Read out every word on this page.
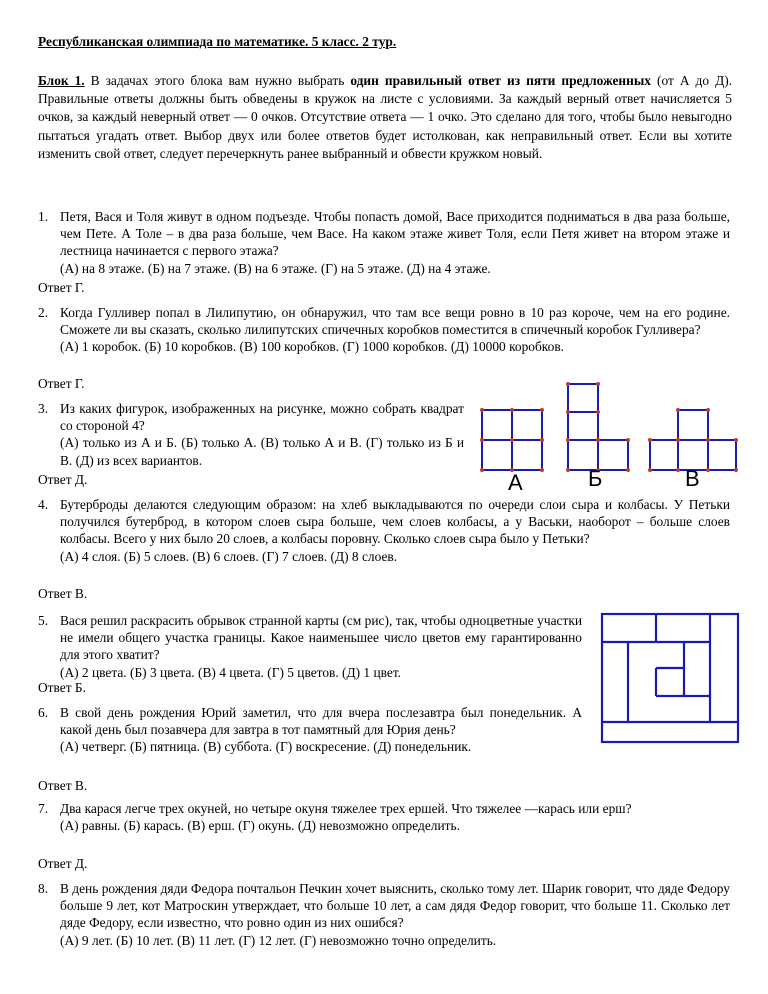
Республиканская олимпиада по математике. 5 класс. 2 тур.
Блок 1. В задачах этого блока вам нужно выбрать один правильный ответ из пяти предложенных (от А до Д). Правильные ответы должны быть обведены в кружок на листе с условиями. За каждый верный ответ начисляется 5 очков, за каждый неверный ответ — 0 очков. Отсутствие ответа — 1 очко. Это сделано для того, чтобы было невыгодно пытаться угадать ответ. Выбор двух или более ответов будет истолкован, как неправильный ответ. Если вы хотите изменить свой ответ, следует перечеркнуть ранее выбранный и обвести кружком новый.
1. Петя, Вася и Толя живут в одном подъезде. Чтобы попасть домой, Васе приходится подниматься в два раза больше, чем Пете. А Толе – в два раза больше, чем Васе. На каком этаже живет Толя, если Петя живет на втором этаже и лестница начинается с первого этажа?
(А) на 8 этаже. (Б) на 7 этаже. (В) на 6 этаже. (Г) на 5 этаже. (Д) на 4 этаже.
Ответ Г.
2. Когда Гулливер попал в Лилипутию, он обнаружил, что там все вещи ровно в 10 раз короче, чем на его родине. Сможете ли вы сказать, сколько лилипутских спичечных коробков поместится в спичечный коробок Гулливера?
(А) 1 коробок. (Б) 10 коробков. (В) 100 коробков. (Г) 1000 коробков. (Д) 10000 коробков.
Ответ Г.
3. Из каких фигурок, изображенных на рисунке, можно собрать квадрат со стороной 4?
(А) только из А и Б. (Б) только А. (В) только А и В. (Г) только из Б и В. (Д) из всех вариантов.
Ответ Д.	А	Б	В
4. Бутерброды делаются следующим образом: на хлеб выкладываются по очереди слои сыра и колбасы. У Петьки получился бутерброд, в котором слоев сыра больше, чем слоев колбасы, а у Васьки, наоборот – больше слоев колбасы. Всего у них было 20 слоев, а колбасы поровну. Сколько слоев сыра было у Петьки?
(А) 4 слоя. (Б) 5 слоев. (В) 6 слоев. (Г) 7 слоев. (Д) 8 слоев.
Ответ В.
5. Вася решил раскрасить обрывок странной карты (см рис), так, чтобы одноцветные участки не имели общего участка границы. Какое наименьшее число цветов ему гарантированно для этого хватит?
(А) 2 цвета. (Б) 3 цвета. (В) 4 цвета. (Г) 5 цветов. (Д) 1 цвет.
Ответ Б.
6. В свой день рождения Юрий заметил, что для вчера послезавтра был понедельник. А какой день был позавчера для завтра в тот памятный для Юрия день?
(А) четверг. (Б) пятница. (В) суббота. (Г) воскресение. (Д) понедельник.
Ответ В.
7. Два карася легче трех окуней, но четыре окуня тяжелее трех ершей. Что тяжелее —карась или ерш?
(А) равны. (Б) карась. (В) ерш. (Г) окунь. (Д) невозможно определить.
Ответ Д.
8. В день рождения дяди Федора почтальон Печкин хочет выяснить, сколько тому лет. Шарик говорит, что дяде Федору больше 9 лет, кот Матроскин утверждает, что больше 10 лет, а сам дядя Федор говорит, что больше 11. Сколько лет дяде Федору, если известно, что ровно один из них ошибся?
(А) 9 лет. (Б) 10 лет. (В) 11 лет. (Г) 12 лет. (Г) невозможно точно определить.
